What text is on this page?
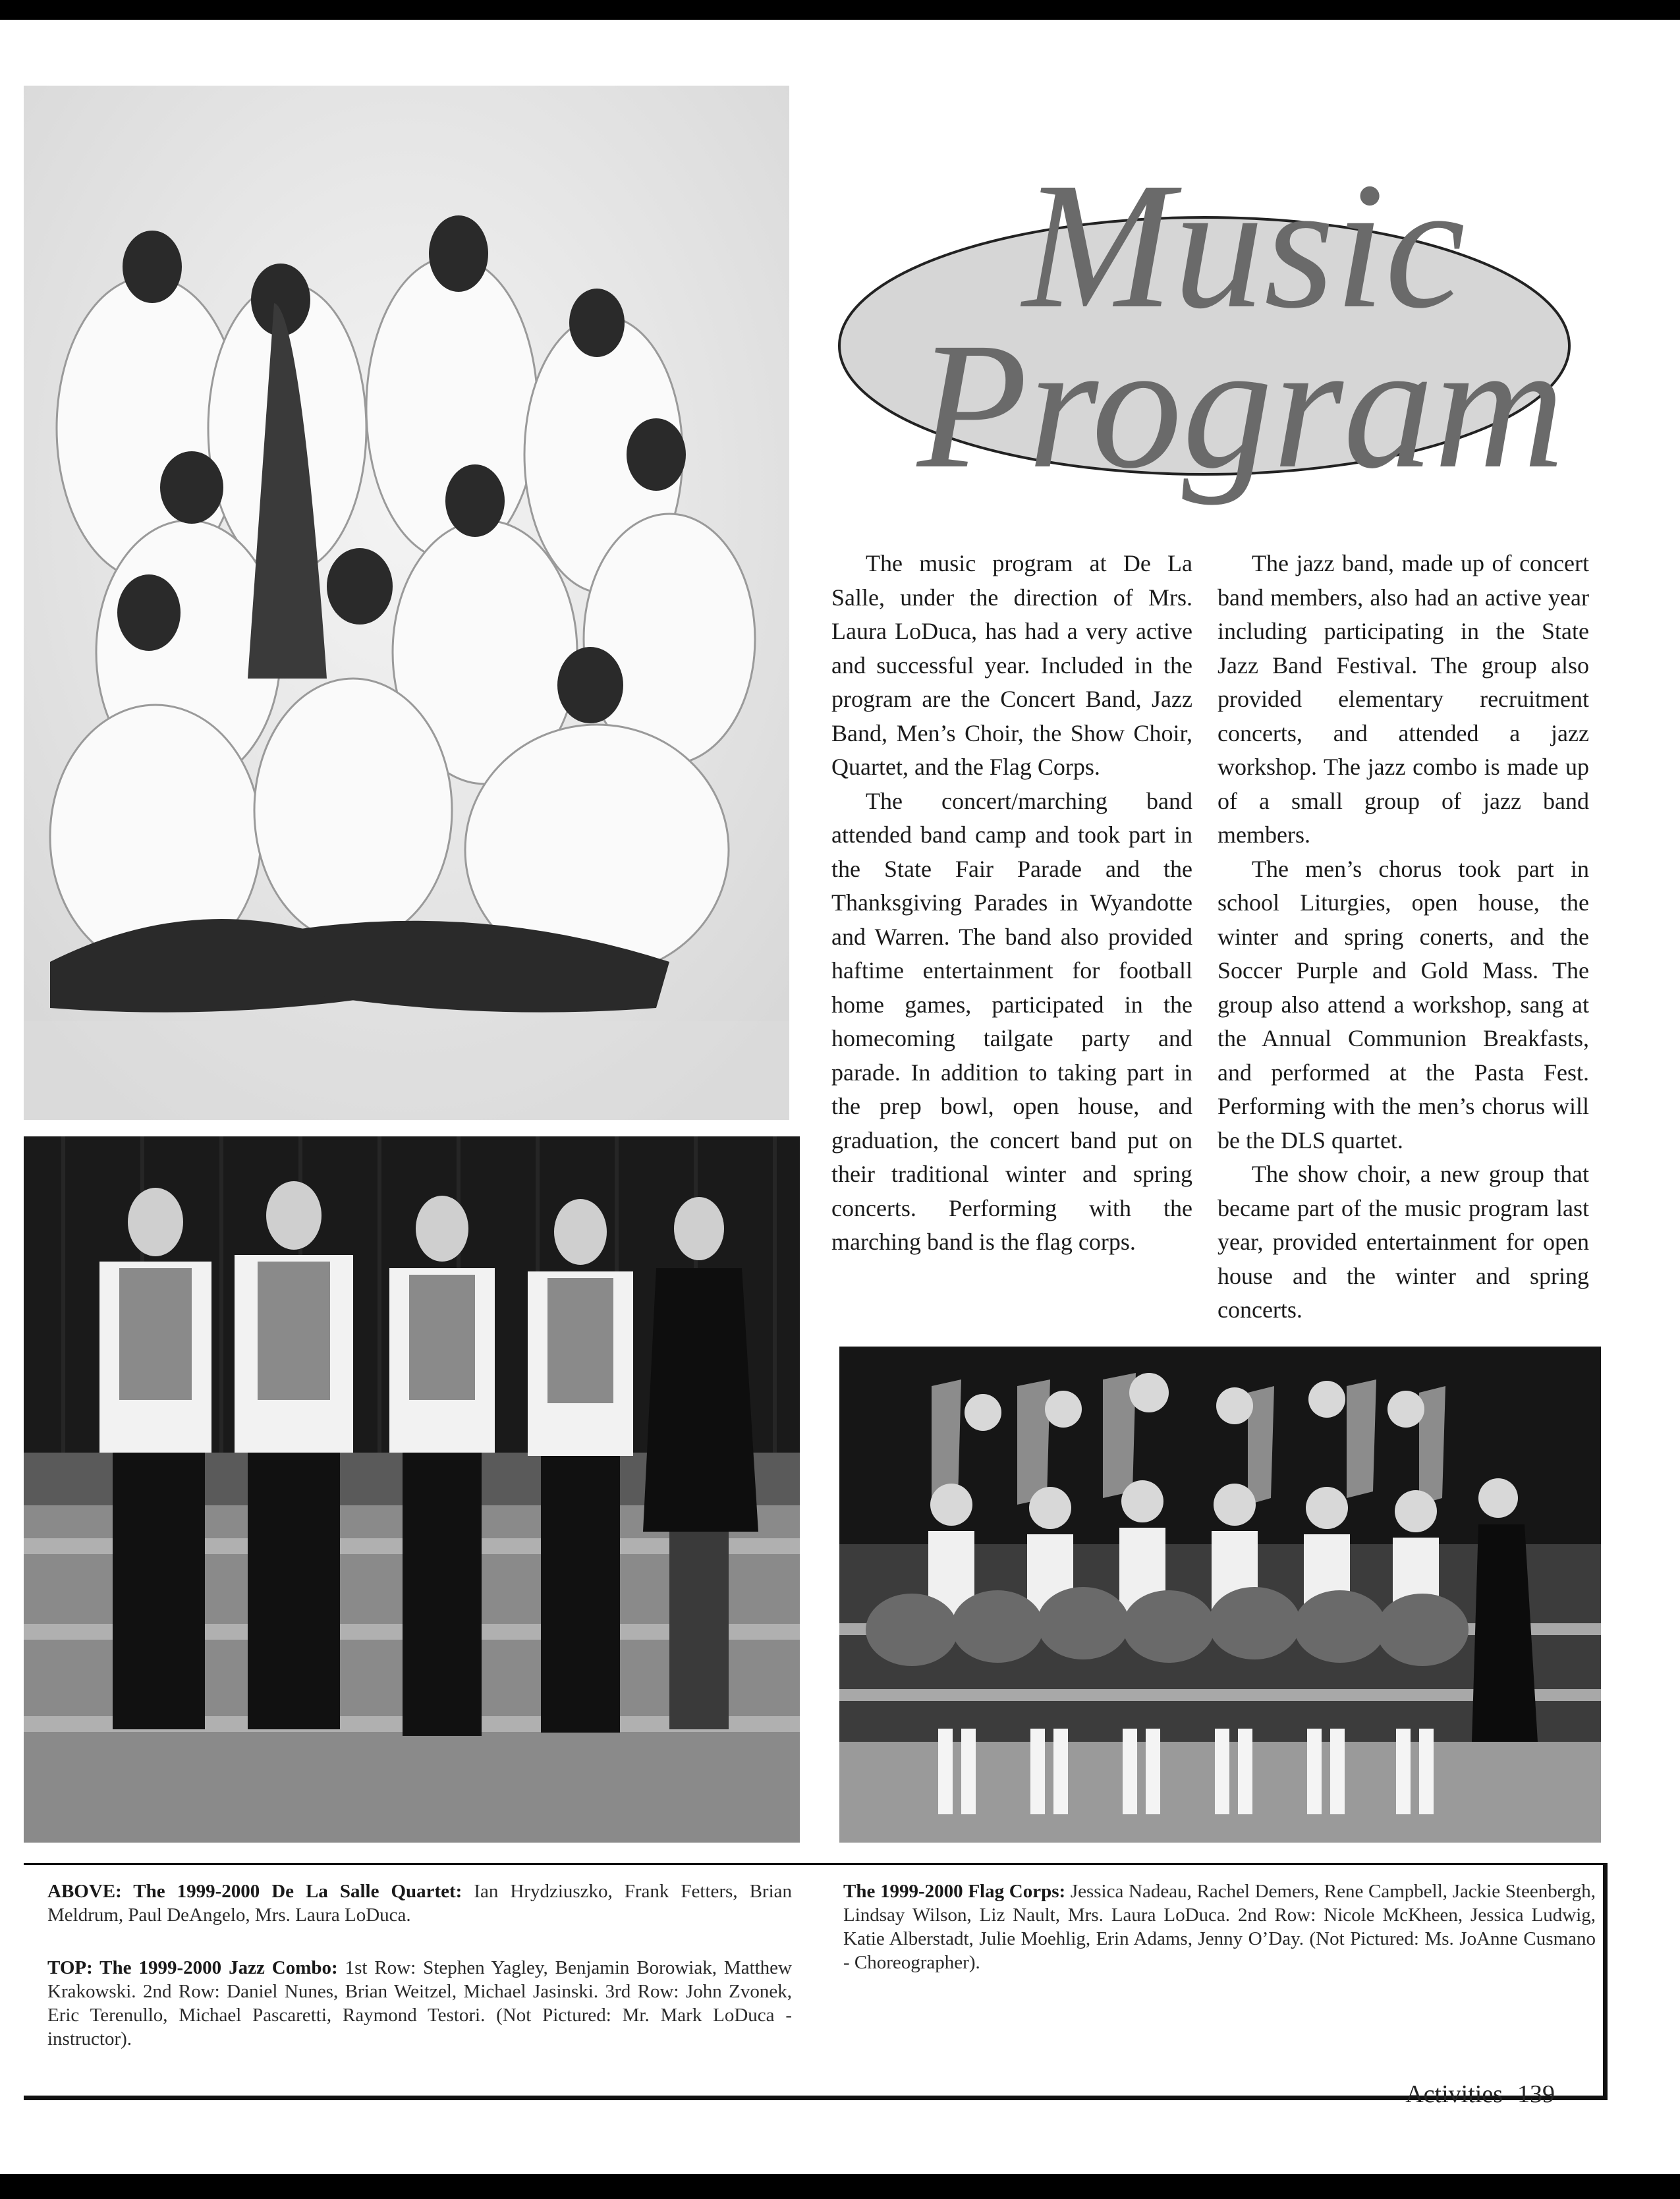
Music
Program

The music program at De La Salle, under the direction of Mrs. Laura LoDuca, has had a very active and successful year. Included in the program are the Concert Band, Jazz Band, Men’s Choir, the Show Choir, Quartet, and the Flag Corps.

The concert/marching band attended band camp and took part in the State Fair Parade and the Thanksgiving Parades in Wyandotte and Warren. The band also provided haftime entertainment for football home games, participated in the homecoming tailgate party and parade. In addition to taking part in the prep bowl, open house, and graduation, the concert band put on their traditional winter and spring concerts. Performing with the marching band is the flag corps.

The jazz band, made up of concert band members, also had an active year including participating in the State Jazz Band Festival. The group also provided elementary recruitment concerts, and attended a jazz workshop. The jazz combo is made up of a small group of jazz band members.

The men’s chorus took part in school Liturgies, open house, the winter and spring conerts, and the Soccer Purple and Gold Mass. The group also attend a workshop, sang at the Annual Communion Breakfasts, and performed at the Pasta Fest. Performing with the men’s chorus will be the DLS quartet.

The show choir, a new group that became part of the music program last year, provided entertainment for open house and the winter and spring concerts.

ABOVE: The 1999-2000 De La Salle Quartet: Ian Hrydziuszko, Frank Fetters, Brian Meldrum, Paul DeAngelo, Mrs. Laura LoDuca.
TOP: The 1999-2000 Jazz Combo: 1st Row: Stephen Yagley, Benjamin Borowiak, Matthew Krakowski. 2nd Row: Daniel Nunes, Brian Weitzel, Michael Jasinski. 3rd Row: John Zvonek, Eric Terenullo, Michael Pascaretti, Raymond Testori. (Not Pictured: Mr. Mark LoDuca - instructor).
The 1999-2000 Flag Corps: Jessica Nadeau, Rachel Demers, Rene Campbell, Jackie Steenbergh, Lindsay Wilson, Liz Nault, Mrs. Laura LoDuca. 2nd Row: Nicole McKheen, Jessica Ludwig, Katie Alberstadt, Julie Moehlig, Erin Adams, Jenny O’Day. (Not Pictured: Ms. JoAnne Cusmano - Choreographer).
Activities 139
